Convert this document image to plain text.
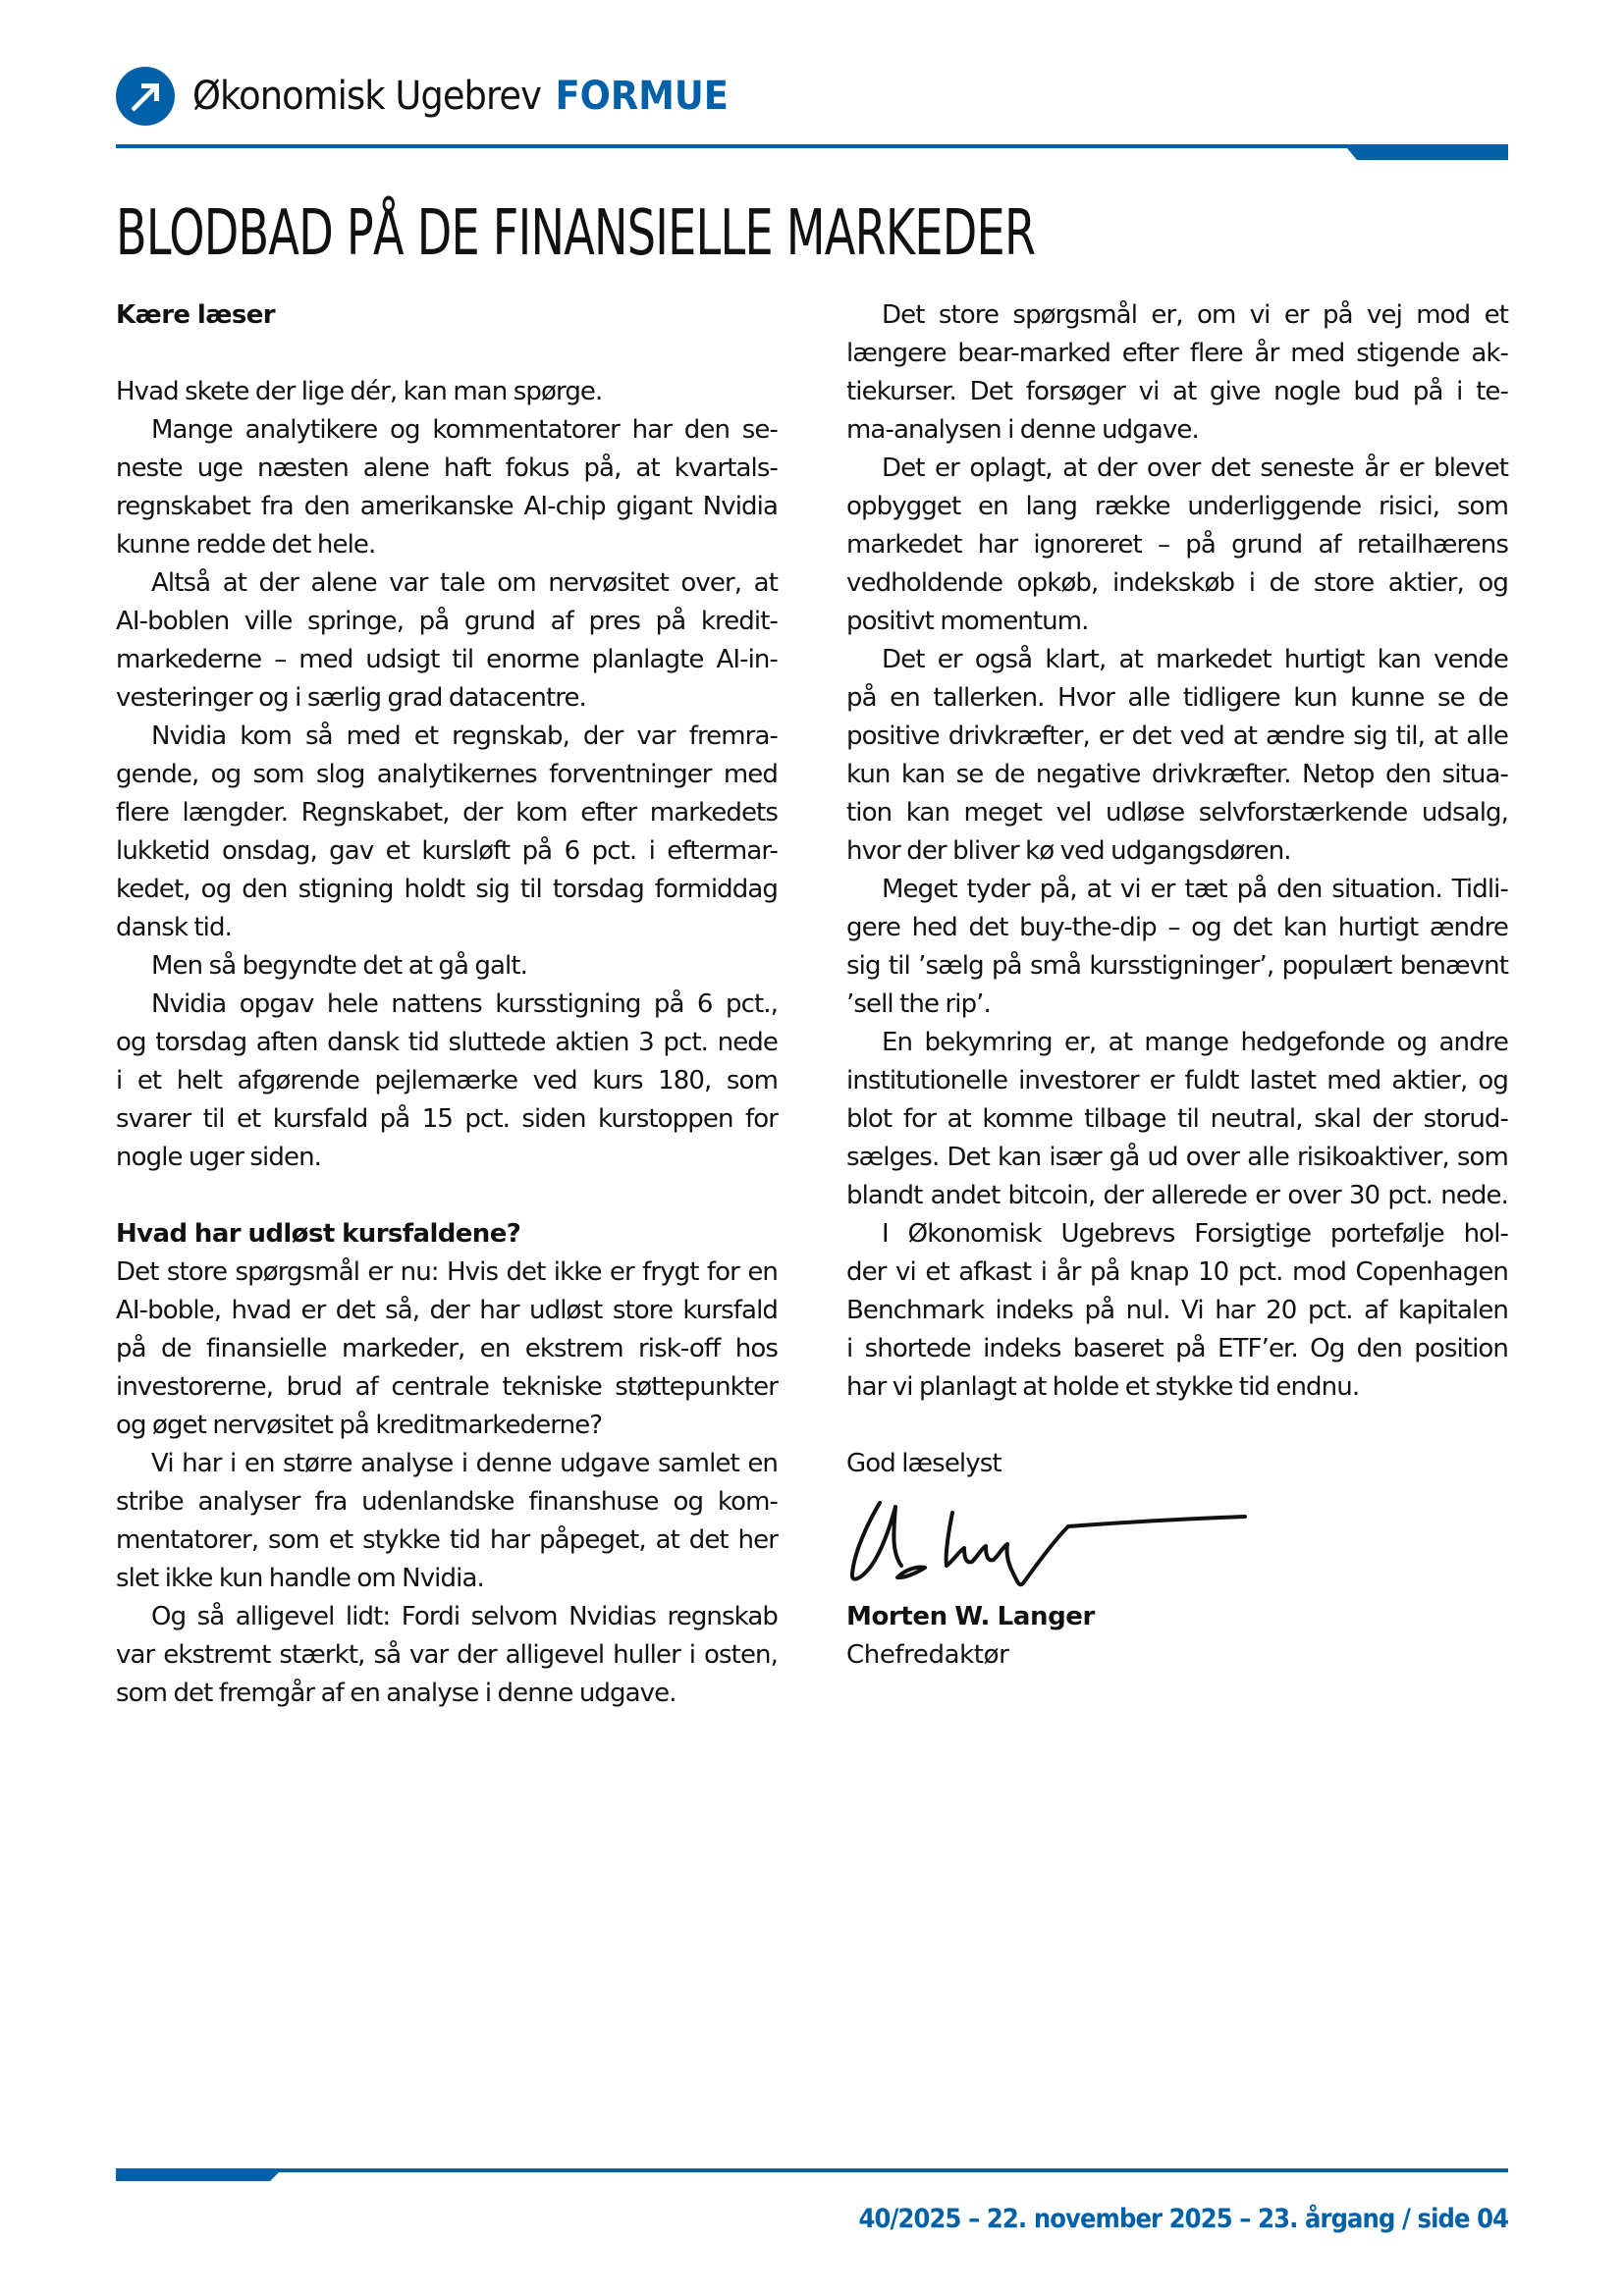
Økonomisk Ugebrev FORMUE
BLODBAD PÅ DE FINANSIELLE MARKEDER
Kære læser
Hvad skete der lige dér, kan man spørge.
Mange analytikere og kommentatorer har den se-
neste uge næsten alene haft fokus på, at kvartals-
regnskabet fra den amerikanske AI-chip gigant Nvidia
kunne redde det hele.
Altså at der alene var tale om nervøsitet over, at
AI-boblen ville springe, på grund af pres på kredit-
markederne – med udsigt til enorme planlagte AI-in-
vesteringer og i særlig grad datacentre.
Nvidia kom så med et regnskab, der var fremra-
gende, og som slog analytikernes forventninger med
flere længder. Regnskabet, der kom efter markedets
lukketid onsdag, gav et kursløft på 6 pct. i eftermar-
kedet, og den stigning holdt sig til torsdag formiddag
dansk tid.
Men så begyndte det at gå galt.
Nvidia opgav hele nattens kursstigning på 6 pct.,
og torsdag aften dansk tid sluttede aktien 3 pct. nede
i et helt afgørende pejlemærke ved kurs 180, som
svarer til et kursfald på 15 pct. siden kurstoppen for
nogle uger siden.
Hvad har udløst kursfaldene?
Det store spørgsmål er nu: Hvis det ikke er frygt for en
AI-boble, hvad er det så, der har udløst store kursfald
på de finansielle markeder, en ekstrem risk-off hos
investorerne, brud af centrale tekniske støttepunkter
og øget nervøsitet på kreditmarkederne?
Vi har i en større analyse i denne udgave samlet en
stribe analyser fra udenlandske finanshuse og kom-
mentatorer, som et stykke tid har påpeget, at det her
slet ikke kun handle om Nvidia.
Og så alligevel lidt: Fordi selvom Nvidias regnskab
var ekstremt stærkt, så var der alligevel huller i osten,
som det fremgår af en analyse i denne udgave.
Det store spørgsmål er, om vi er på vej mod et
længere bear-marked efter flere år med stigende ak-
tiekurser. Det forsøger vi at give nogle bud på i te-
ma-analysen i denne udgave.
Det er oplagt, at der over det seneste år er blevet
opbygget en lang række underliggende risici, som
markedet har ignoreret – på grund af retailhærens
vedholdende opkøb, indekskøb i de store aktier, og
positivt momentum.
Det er også klart, at markedet hurtigt kan vende
på en tallerken. Hvor alle tidligere kun kunne se de
positive drivkræfter, er det ved at ændre sig til, at alle
kun kan se de negative drivkræfter. Netop den situa-
tion kan meget vel udløse selvforstærkende udsalg,
hvor der bliver kø ved udgangsdøren.
Meget tyder på, at vi er tæt på den situation. Tidli-
gere hed det buy-the-dip – og det kan hurtigt ændre
sig til ’sælg på små kursstigninger’, populært benævnt
’sell the rip’.
En bekymring er, at mange hedgefonde og andre
institutionelle investorer er fuldt lastet med aktier, og
blot for at komme tilbage til neutral, skal der storud-
sælges. Det kan især gå ud over alle risikoaktiver, som
blandt andet bitcoin, der allerede er over 30 pct. nede.
I Økonomisk Ugebrevs Forsigtige portefølje hol-
der vi et afkast i år på knap 10 pct. mod Copenhagen
Benchmark indeks på nul. Vi har 20 pct. af kapitalen
i shortede indeks baseret på ETF’er. Og den position
har vi planlagt at holde et stykke tid endnu.
God læselyst
Morten W. Langer
Chefredaktør
40/2025 – 22. november 2025 – 23. årgang / side 04
